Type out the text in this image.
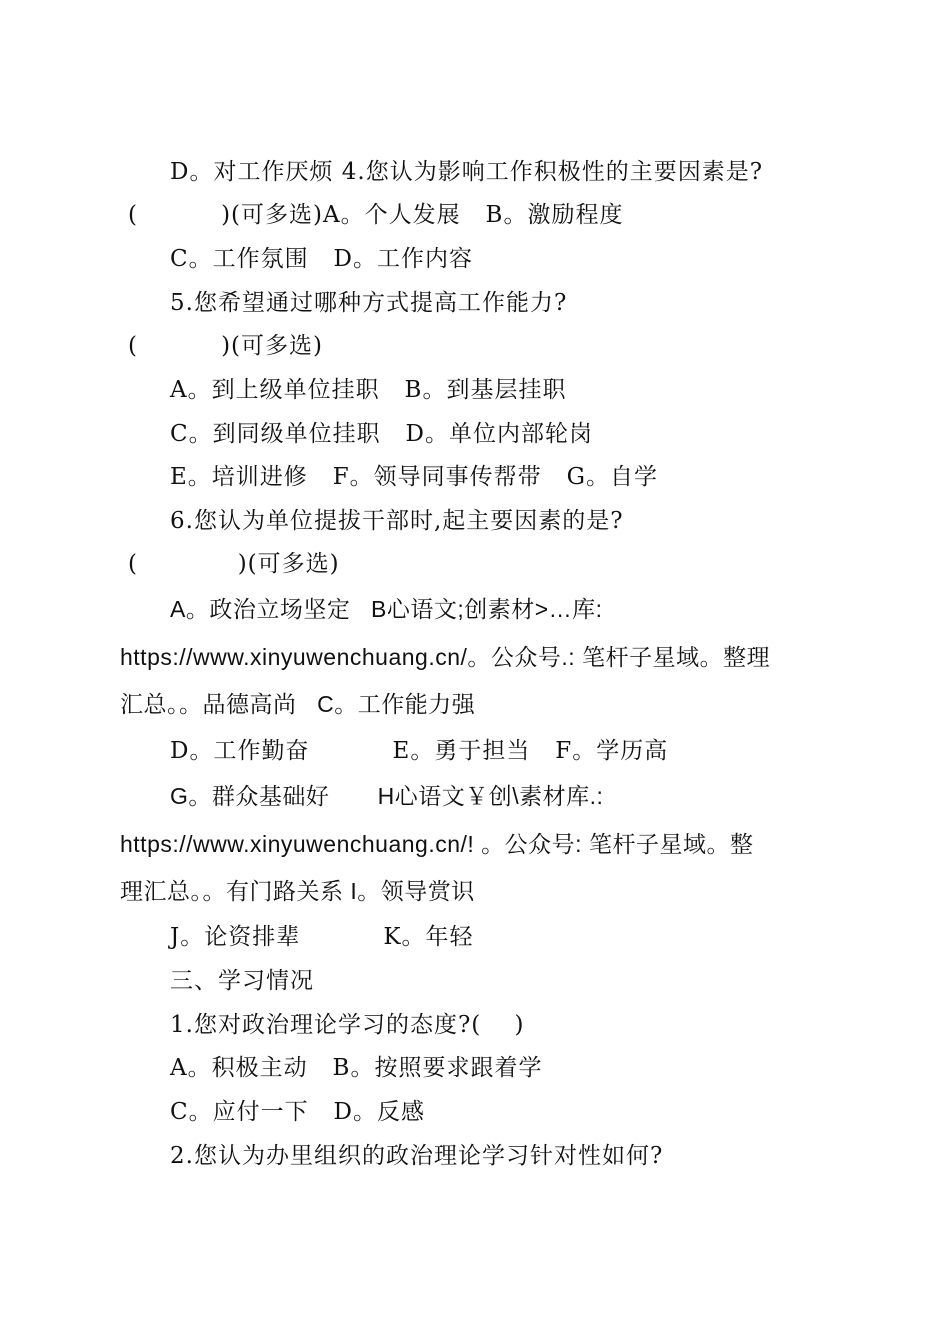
D。对工作厌烦 4.您认为影响工作积极性的主要因素是?
(          )(可多选)A。个人发展   B。激励程度
C。工作氛围   D。工作内容
5.您希望通过哪种方式提高工作能力?
(          )(可多选)
A。到上级单位挂职   B。到基层挂职
C。到同级单位挂职   D。单位内部轮岗
E。培训进修   F。领导同事传帮带   G。自学
6.您认为单位提拔干部时,起主要因素的是?
(            )(可多选)
A。政治立场坚定   B心语文;创素材>…库:
https://www.xinyuwenchuang.cn/。公众号.: 笔杆子星域。整理
汇总。。品德高尚   C。工作能力强
D。工作勤奋          E。勇于担当   F。学历高
G。群众基础好       H心语文￥创\素材库.:
https://www.xinyuwenchuang.cn/! 。公众号: 笔杆子星域。整
理汇总。。有门路关系 I。领导赏识
J。论资排辈          K。年轻
三、学习情况
1.您对政治理论学习的态度?(    )
A。积极主动   B。按照要求跟着学
C。应付一下   D。反感
2.您认为办里组织的政治理论学习针对性如何?
